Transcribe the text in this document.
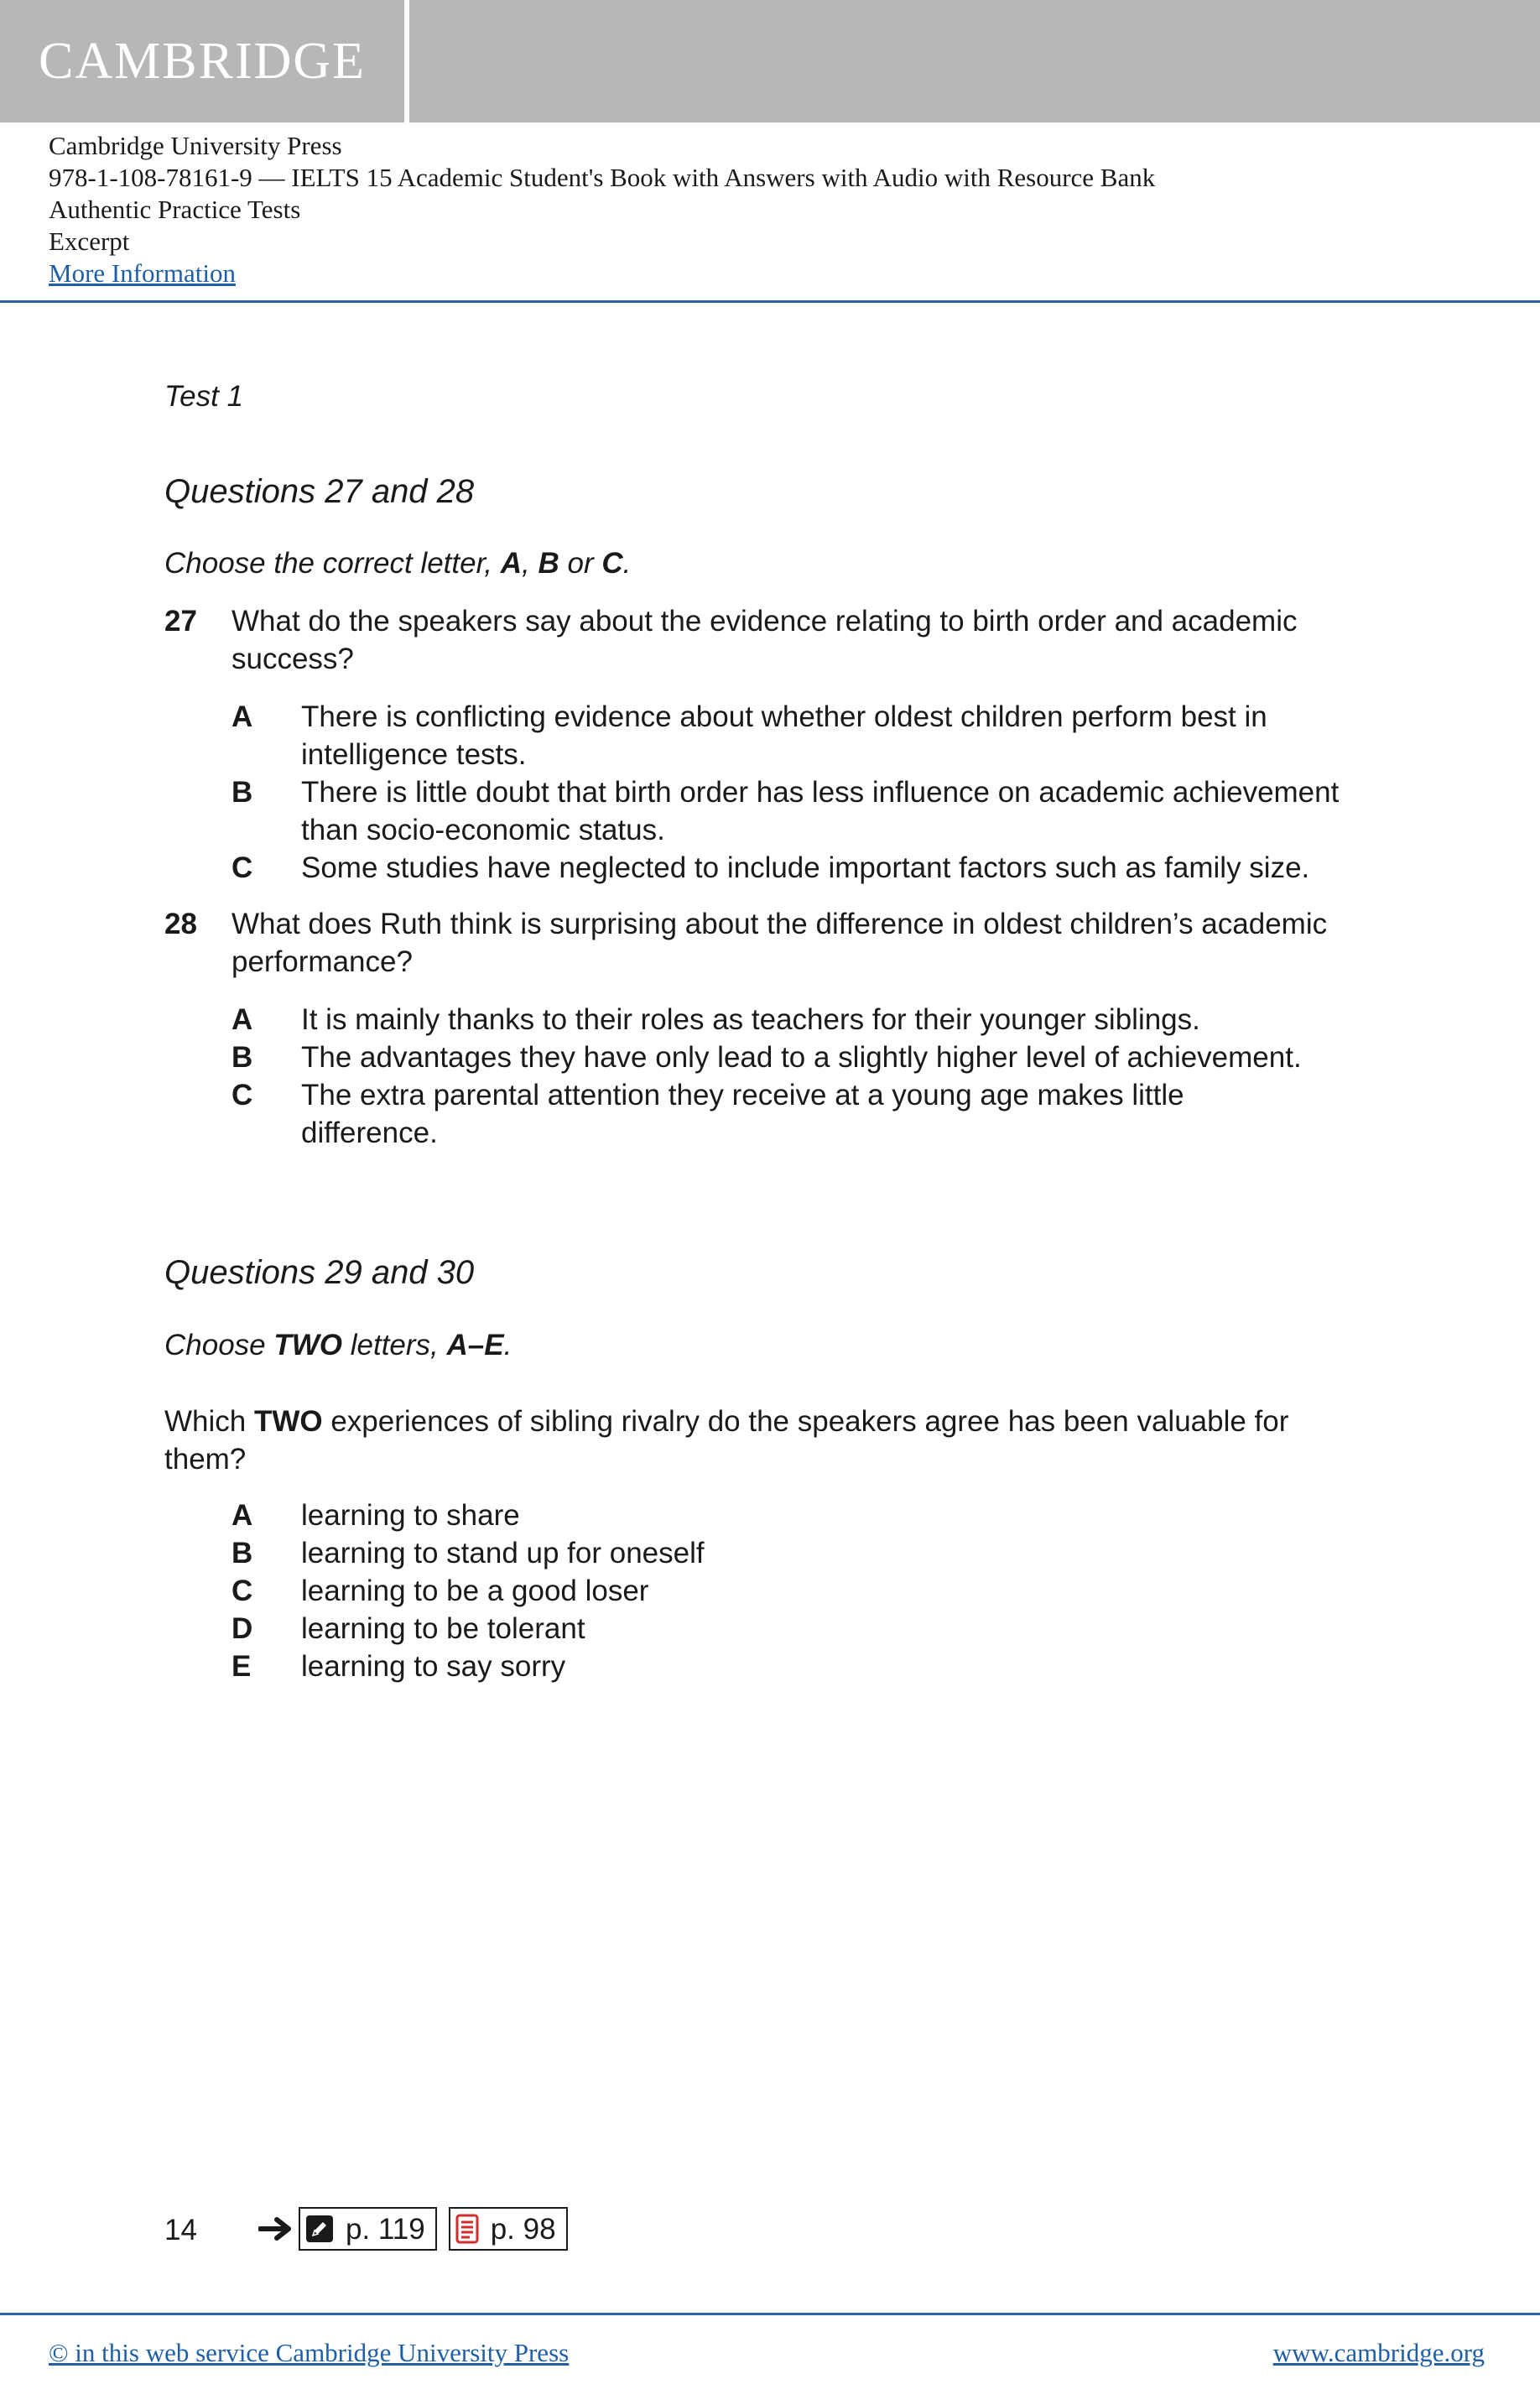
CAMBRIDGE
Cambridge University Press
978-1-108-78161-9 — IELTS 15 Academic Student's Book with Answers with Audio with Resource Bank
Authentic Practice Tests
Excerpt
More Information
Test 1
Questions 27 and 28
Choose the correct letter, A, B or C.
27	What do the speakers say about the evidence relating to birth order and academic success?
A	There is conflicting evidence about whether oldest children perform best in intelligence tests.
B	There is little doubt that birth order has less influence on academic achievement than socio-economic status.
C	Some studies have neglected to include important factors such as family size.
28	What does Ruth think is surprising about the difference in oldest children’s academic performance?
A	It is mainly thanks to their roles as teachers for their younger siblings.
B	The advantages they have only lead to a slightly higher level of achievement.
C	The extra parental attention they receive at a young age makes little difference.
Questions 29 and 30
Choose TWO letters, A–E.
Which TWO experiences of sibling rivalry do the speakers agree has been valuable for them?
A	learning to share
B	learning to stand up for oneself
C	learning to be a good loser
D	learning to be tolerant
E	learning to say sorry
14	p. 119 p. 98
© in this web service Cambridge University Press	www.cambridge.org
